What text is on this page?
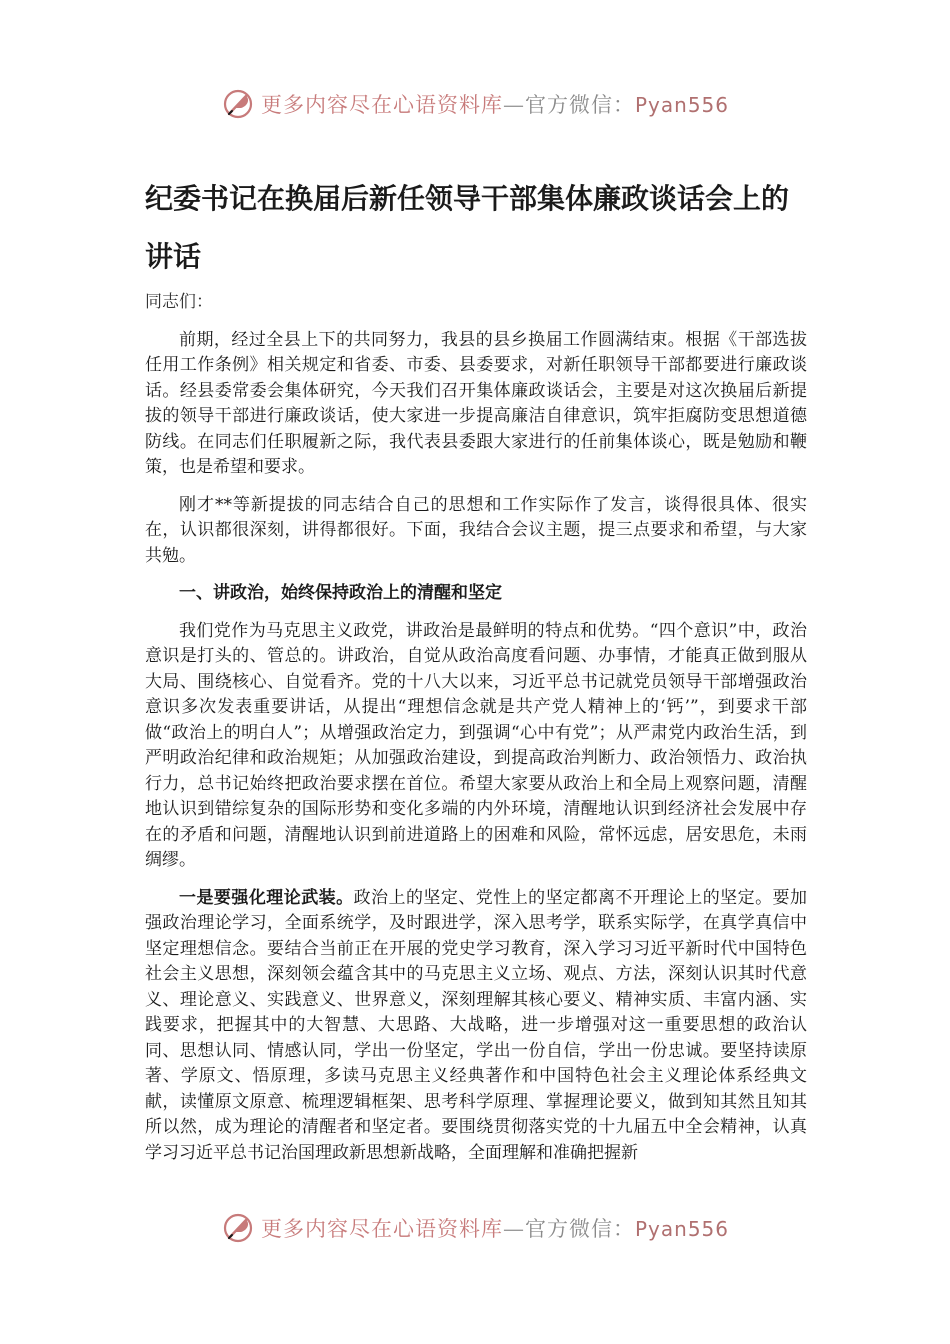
更多内容尽在心语资料库—官方微信：Pyan556
纪委书记在换届后新任领导干部集体廉政谈话会上的讲话

同志们：

前期，经过全县上下的共同努力，我县的县乡换届工作圆满结束。根据《干部选拔任用工作条例》相关规定和省委、市委、县委要求，对新任职领导干部都要进行廉政谈话。经县委常委会集体研究，今天我们召开集体廉政谈话会，主要是对这次换届后新提拔的领导干部进行廉政谈话，使大家进一步提高廉洁自律意识，筑牢拒腐防变思想道德防线。在同志们任职履新之际，我代表县委跟大家进行的任前集体谈心，既是勉励和鞭策，也是希望和要求。

刚才**等新提拔的同志结合自己的思想和工作实际作了发言，谈得很具体、很实在，认识都很深刻，讲得都很好。下面，我结合会议主题，提三点要求和希望，与大家共勉。

一、讲政治，始终保持政治上的清醒和坚定

我们党作为马克思主义政党，讲政治是最鲜明的特点和优势。“四个意识”中，政治意识是打头的、管总的。讲政治，自觉从政治高度看问题、办事情，才能真正做到服从大局、围绕核心、自觉看齐。党的十八大以来，习近平总书记就党员领导干部增强政治意识多次发表重要讲话，从提出“理想信念就是共产党人精神上的‘钙’”，到要求干部做“政治上的明白人”；从增强政治定力，到强调“心中有党”；从严肃党内政治生活，到严明政治纪律和政治规矩；从加强政治建设，到提高政治判断力、政治领悟力、政治执行力，总书记始终把政治要求摆在首位。希望大家要从政治上和全局上观察问题，清醒地认识到错综复杂的国际形势和变化多端的内外环境，清醒地认识到经济社会发展中存在的矛盾和问题，清醒地认识到前进道路上的困难和风险，常怀远虑，居安思危，未雨绸缪。

一是要强化理论武装。政治上的坚定、党性上的坚定都离不开理论上的坚定。要加强政治理论学习，全面系统学，及时跟进学，深入思考学，联系实际学，在真学真信中坚定理想信念。要结合当前正在开展的党史学习教育，深入学习习近平新时代中国特色社会主义思想，深刻领会蕴含其中的马克思主义立场、观点、方法，深刻认识其时代意义、理论意义、实践意义、世界意义，深刻理解其核心要义、精神实质、丰富内涵、实践要求，把握其中的大智慧、大思路、大战略，进一步增强对这一重要思想的政治认同、思想认同、情感认同，学出一份坚定，学出一份自信，学出一份忠诚。要坚持读原著、学原文、悟原理，多读马克思主义经典著作和中国特色社会主义理论体系经典文献，读懂原文原意、梳理逻辑框架、思考科学原理、掌握理论要义，做到知其然且知其所以然，成为理论的清醒者和坚定者。要围绕贯彻落实党的十九届五中全会精神，认真学习习近平总书记治国理政新思想新战略，全面理解和准确把握新

更多内容尽在心语资料库—官方微信：Pyan556
